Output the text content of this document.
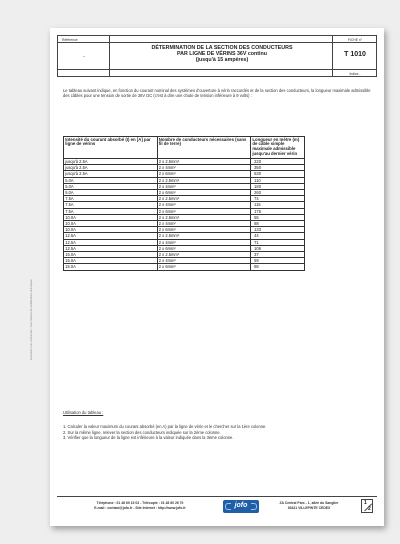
Référence
-
DÉTERMINATION DE LA SECTION DES CONDUCTEURS
PAR LIGNE DE VÉRINS 36V continu
(jusqu'à 15 ampères)
FICHE n°
T 1010
Indice -

Le tableau suivant indique, en fonction du courant nominal des systèmes d'ouverture à vérin raccordés et de la section des conducteurs, la longueur maximale admissible des câbles pour une tension de sortie de 36V DC (c'est à dire une chute de tension inférieure à 9 volts) :

Intensité du courant absorbé (I) en [A] par ligne de vérins	Nombre de conducteurs nécessaires (sans fil de terre)	Longueur en mètre (m) de câble simple maximale admissible jusqu'au dernier vérin
jusqu'à 2.5A	2 x 2.5mm²	220
jusqu'à 2.5A	2 x 4mm²	350
jusqu'à 2.5A	2 x 6mm²	530
5.0A	2 x 2.5mm²	110
5.0A	2 x 4mm²	180
5.0A	2 x 6mm²	260
7.5A	2 x 2.5mm²	74
7.5A	2 x 4mm²	115
7.5A	2 x 6mm²	175
10.0A	2 x 2.5mm²	55
10.0A	2 x 4mm²	88
10.0A	2 x 6mm²	133
12.5A	2 x 2.5mm²	44
12.5A	2 x 4mm²	71
12.5A	2 x 6mm²	106
15.0A	2 x 2.5mm²	37
15.0A	2 x 4mm²	59
15.0A	2 x 6mm²	88
Utilisation du tableau :
1. Calculer la valeur maximum du courant absorbé (en A) par la ligne de vérin et le chercher sur la 1ère colonne.
2. Sur la même ligne, relever la section des conducteurs indiquée sur la 2ème colonne.
3. Vérifier que la longueur de la ligne est inférieure à la valeur indiquée dans la 3ème colonne.
Téléphone : 01 48 60 15 03 - Télécopie : 01 48 60 26 70
E-mail : contact@jofo.fr - Site Internet : http://www.jofo.fr	jofo	ZA Central Parc - 1, allée du Sanglier
93421 VILLEPINTE CEDEX
1
2
Document non contractuel - Sous réserve de modifications techniques
